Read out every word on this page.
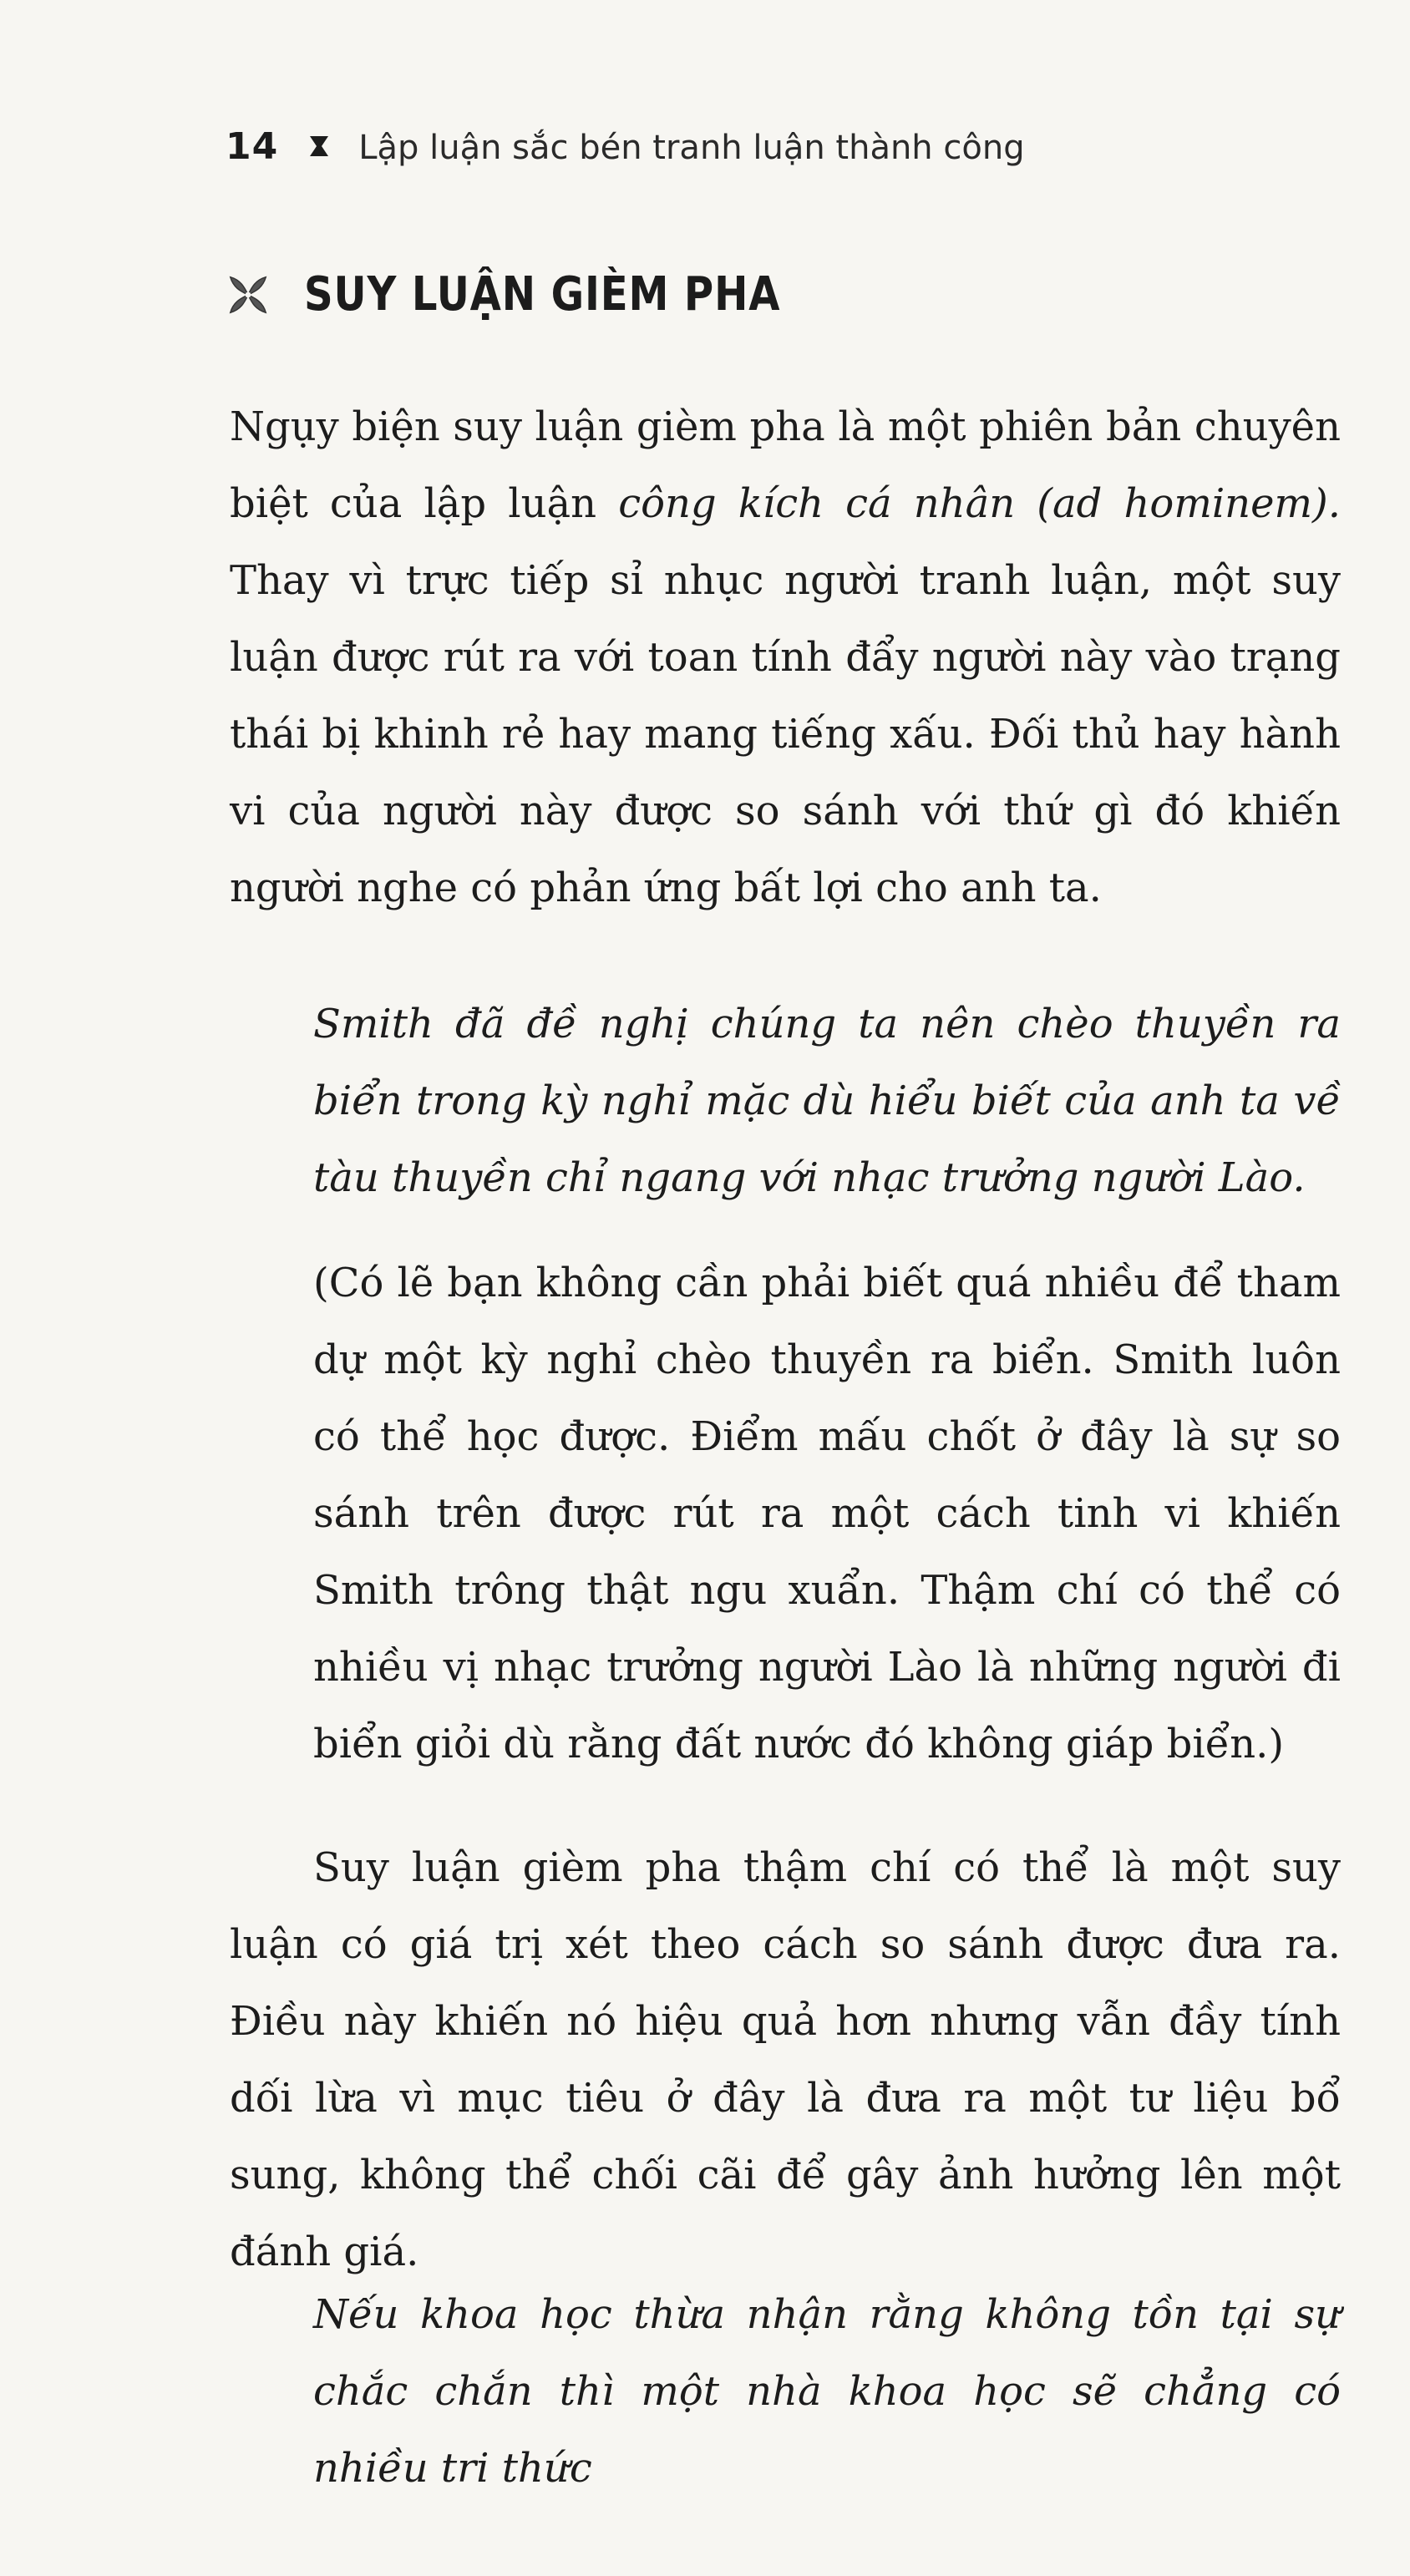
14 Lập luận sắc bén tranh luận thành công
SUY LUẬN GIÈM PHA

Ngụy biện suy luận gièm pha là một phiên bản chuyên biệt của lập luận công kích cá nhân (ad hominem). Thay vì trực tiếp sỉ nhục người tranh luận, một suy luận được rút ra với toan tính đẩy người này vào trạng thái bị khinh rẻ hay mang tiếng xấu. Đối thủ hay hành vi của người này được so sánh với thứ gì đó khiến người nghe có phản ứng bất lợi cho anh ta.

Smith đã đề nghị chúng ta nên chèo thuyền ra biển trong kỳ nghỉ mặc dù hiểu biết của anh ta về tàu thuyền chỉ ngang với nhạc trưởng người Lào.

(Có lẽ bạn không cần phải biết quá nhiều để tham dự một kỳ nghỉ chèo thuyền ra biển. Smith luôn có thể học được. Điểm mấu chốt ở đây là sự so sánh trên được rút ra một cách tinh vi khiến Smith trông thật ngu xuẩn. Thậm chí có thể có nhiều vị nhạc trưởng người Lào là những người đi biển giỏi dù rằng đất nước đó không giáp biển.)

Suy luận gièm pha thậm chí có thể là một suy luận có giá trị xét theo cách so sánh được đưa ra. Điều này khiến nó hiệu quả hơn nhưng vẫn đầy tính dối lừa vì mục tiêu ở đây là đưa ra một tư liệu bổ sung, không thể chối cãi để gây ảnh hưởng lên một đánh giá.

Nếu khoa học thừa nhận rằng không tồn tại sự chắc chắn thì một nhà khoa học sẽ chẳng có nhiều tri thức
